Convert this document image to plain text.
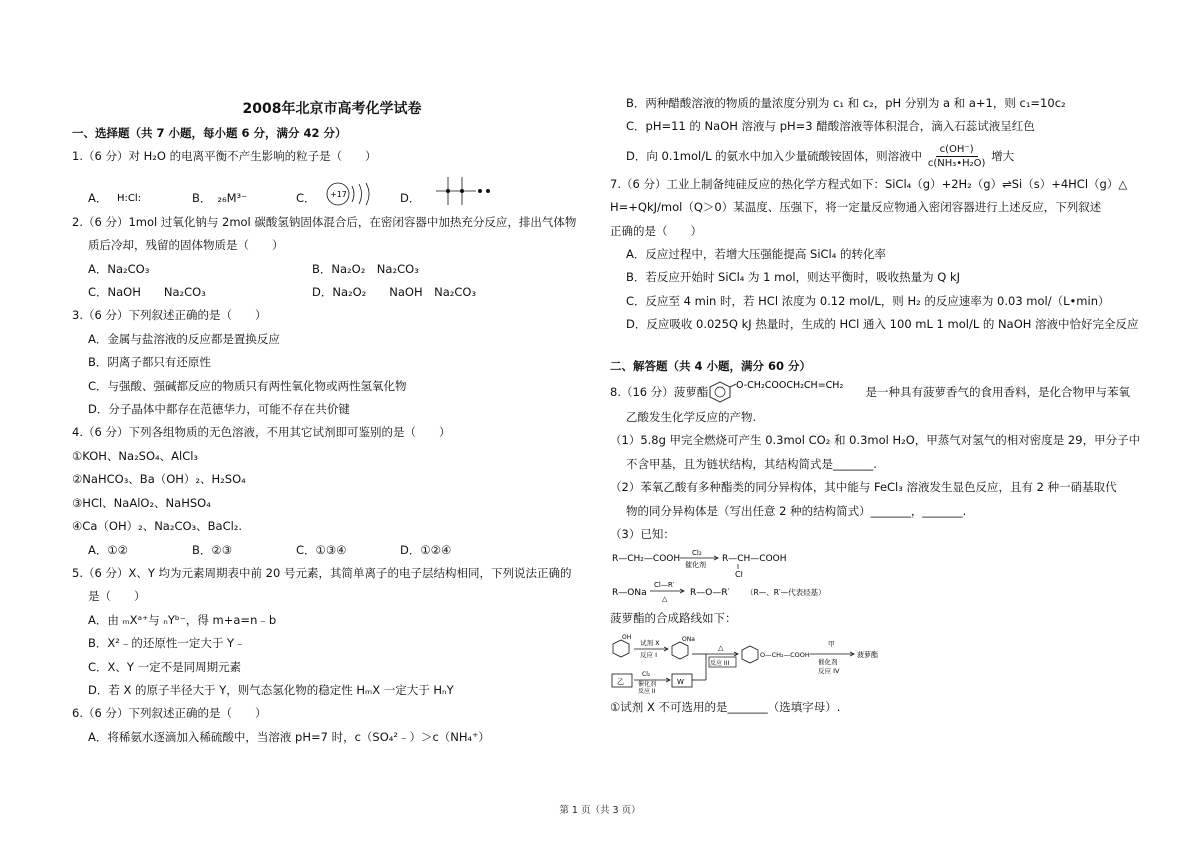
2008年北京市高考化学试卷
一、选择题（共 7 小题，每小题 6 分，满分 42 分）
1.（6 分）对 H₂O 的电离平衡不产生影响的粒子是（　　）
A． H:Cl:	B． ₂₆M³⁻	C． +17	D．
2.（6 分）1mol 过氧化钠与 2mol 碳酸氢钠固体混合后，在密闭容器中加热充分反应，排出气体物
质后冷却，残留的固体物质是（　　）
A．Na₂CO₃	B．Na₂O₂　Na₂CO₃
C．NaOH　　Na₂CO₃	D．Na₂O₂　　NaOH　Na₂CO₃
3.（6 分）下列叙述正确的是（　　）
A．金属与盐溶液的反应都是置换反应
B．阴离子都只有还原性
C．与强酸、强碱都反应的物质只有两性氧化物或两性氢氧化物
D．分子晶体中都存在范德华力，可能不存在共价键
4.（6 分）下列各组物质的无色溶液，不用其它试剂即可鉴别的是（　　）
①KOH、Na₂SO₄、AlCl₃
②NaHCO₃、Ba（OH）₂、H₂SO₄
③HCl、NaAlO₂、NaHSO₄
④Ca（OH）₂、Na₂CO₃、BaCl₂.
A．①②	B．②③	C．①③④	D．①②④
5.（6 分）X、Y 均为元素周期表中前 20 号元素，其简单离子的电子层结构相同，下列说法正确的
是（　　）
A．由 ₘXᵃ⁺与 ₙYᵇ⁻，得 m+a=n﹣b
B．X²﹣的还原性一定大于 Y﹣
C．X、Y 一定不是同周期元素
D．若 X 的原子半径大于 Y，则气态氢化物的稳定性 HₘX 一定大于 HₙY
6.（6 分）下列叙述正确的是（　　）
A．将稀氨水逐滴加入稀硫酸中，当溶液 pH=7 时，c（SO₄²﹣）＞c（NH₄⁺）
B．两种醋酸溶液的物质的量浓度分别为 c₁ 和 c₂，pH 分别为 a 和 a+1，则 c₁=10c₂
C．pH=11 的 NaOH 溶液与 pH=3 醋酸溶液等体积混合，滴入石蕊试液呈红色
D．向 0.1mol/L 的氨水中加入少量硫酸铵固体，则溶液中 $\frac{c(OH^-)}{\text{c(NH₃•H₂O)}}$ 增大
7.（6 分）工业上制备纯硅反应的热化学方程式如下：SiCl₄（g）+2H₂（g）⇌Si（s）+4HCl（g）△
H=+QkJ/mol（Q＞0）某温度、压强下，将一定量反应物通入密闭容器进行上述反应，下列叙述
正确的是（　　）
A．反应过程中，若增大压强能提高 SiCl₄ 的转化率
B．若反应开始时 SiCl₄ 为 1 mol，则达平衡时，吸收热量为 Q kJ
C．反应至 4 min 时，若 HCl 浓度为 0.12 mol/L，则 H₂ 的反应速率为 0.03 mol/（L•min）
D．反应吸收 0.025Q kJ 热量时，生成的 HCl 通入 100 mL 1 mol/L 的 NaOH 溶液中恰好完全反应
二、解答题（共 4 小题，满分 60 分）
8.（16 分）菠萝酯	O-CH₂COOCH₂CH=CH₂ 是一种具有菠萝香气的食用香料，是化合物甲与苯氧
乙酸发生化学反应的产物.
（1）5.8g 甲完全燃烧可产生 0.3mol CO₂ 和 0.3mol H₂O，甲蒸气对氢气的相对密度是 29，甲分子中
不含甲基，且为链状结构，其结构简式是_______.
（2）苯氧乙酸有多种酯类的同分异构体，其中能与 FeCl₃ 溶液发生显色反应，且有 2 种一硝基取代
物的同分异构体是（写出任意 2 种的结构简式）_______，_______.
（3）已知：
R—CH₂—COOH
Cl₂
催化剂
R—CH—COOH
Cl
R—ONa
Cl—R′
△
R—O—R′ （R—、R′—代表烃基）
菠萝酯的合成路线如下：
OH
试剂 X
反应 I
ONa
△
反应 III
O—CH₂—COOH
甲
催化剂
反应 IV
菠萝酯
乙
Cl₂
催化剂
反应 II
W
①试剂 X 不可选用的是_______（选填字母）.
第 1 页（共 3 页）
